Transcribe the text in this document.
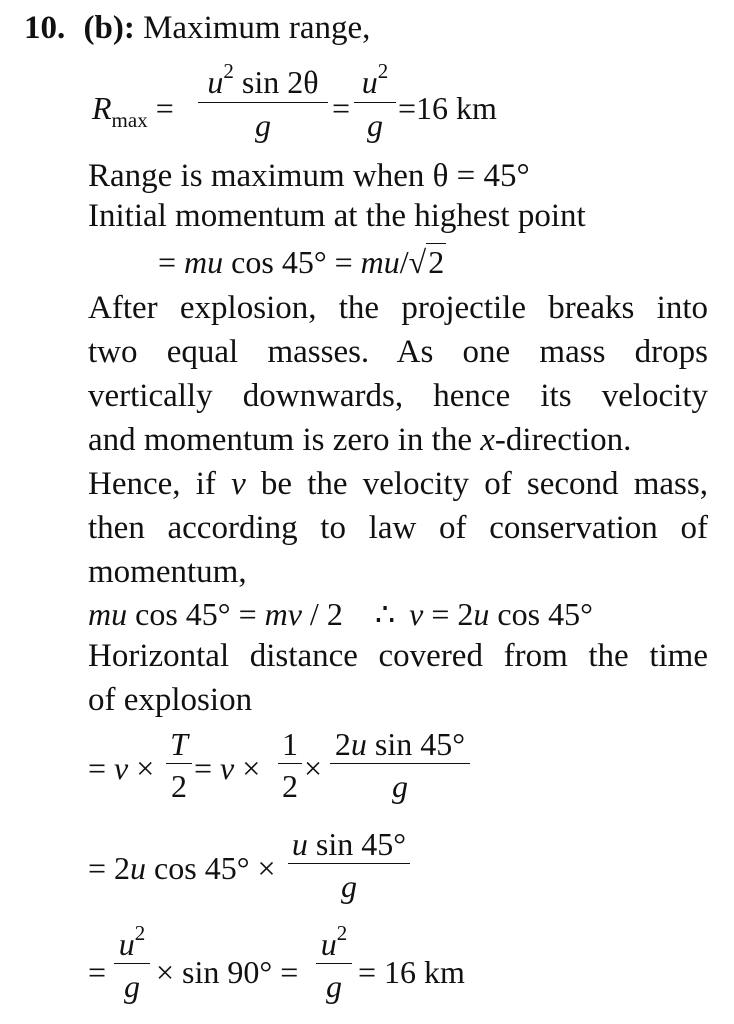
10. (b): Maximum range,
$R_{max}$ =
$u^2$ sin 2θ
g	=
$u^2$
g =16 km
Range is maximum when θ = 45°
Initial momentum at the highest point
= mu cos 45° = mu/√2
After explosion, the projectile breaks into
two equal masses. As one mass drops
vertically downwards, hence its velocity
and momentum is zero in the x-direction.
Hence, if v be the velocity of second mass,
then according to law of conservation of
momentum,
mu cos 45° = mv / 2 ∴ v = 2u cos 45°
Horizontal distance covered from the time
of explosion
= v ×
T
2 = v ×
1
2 ×
2u sin 45°
g
= 2u cos 45° ×
u sin 45°
g
=
$u^2$
g × sin 90° =
$u^2$
g = 16 km
